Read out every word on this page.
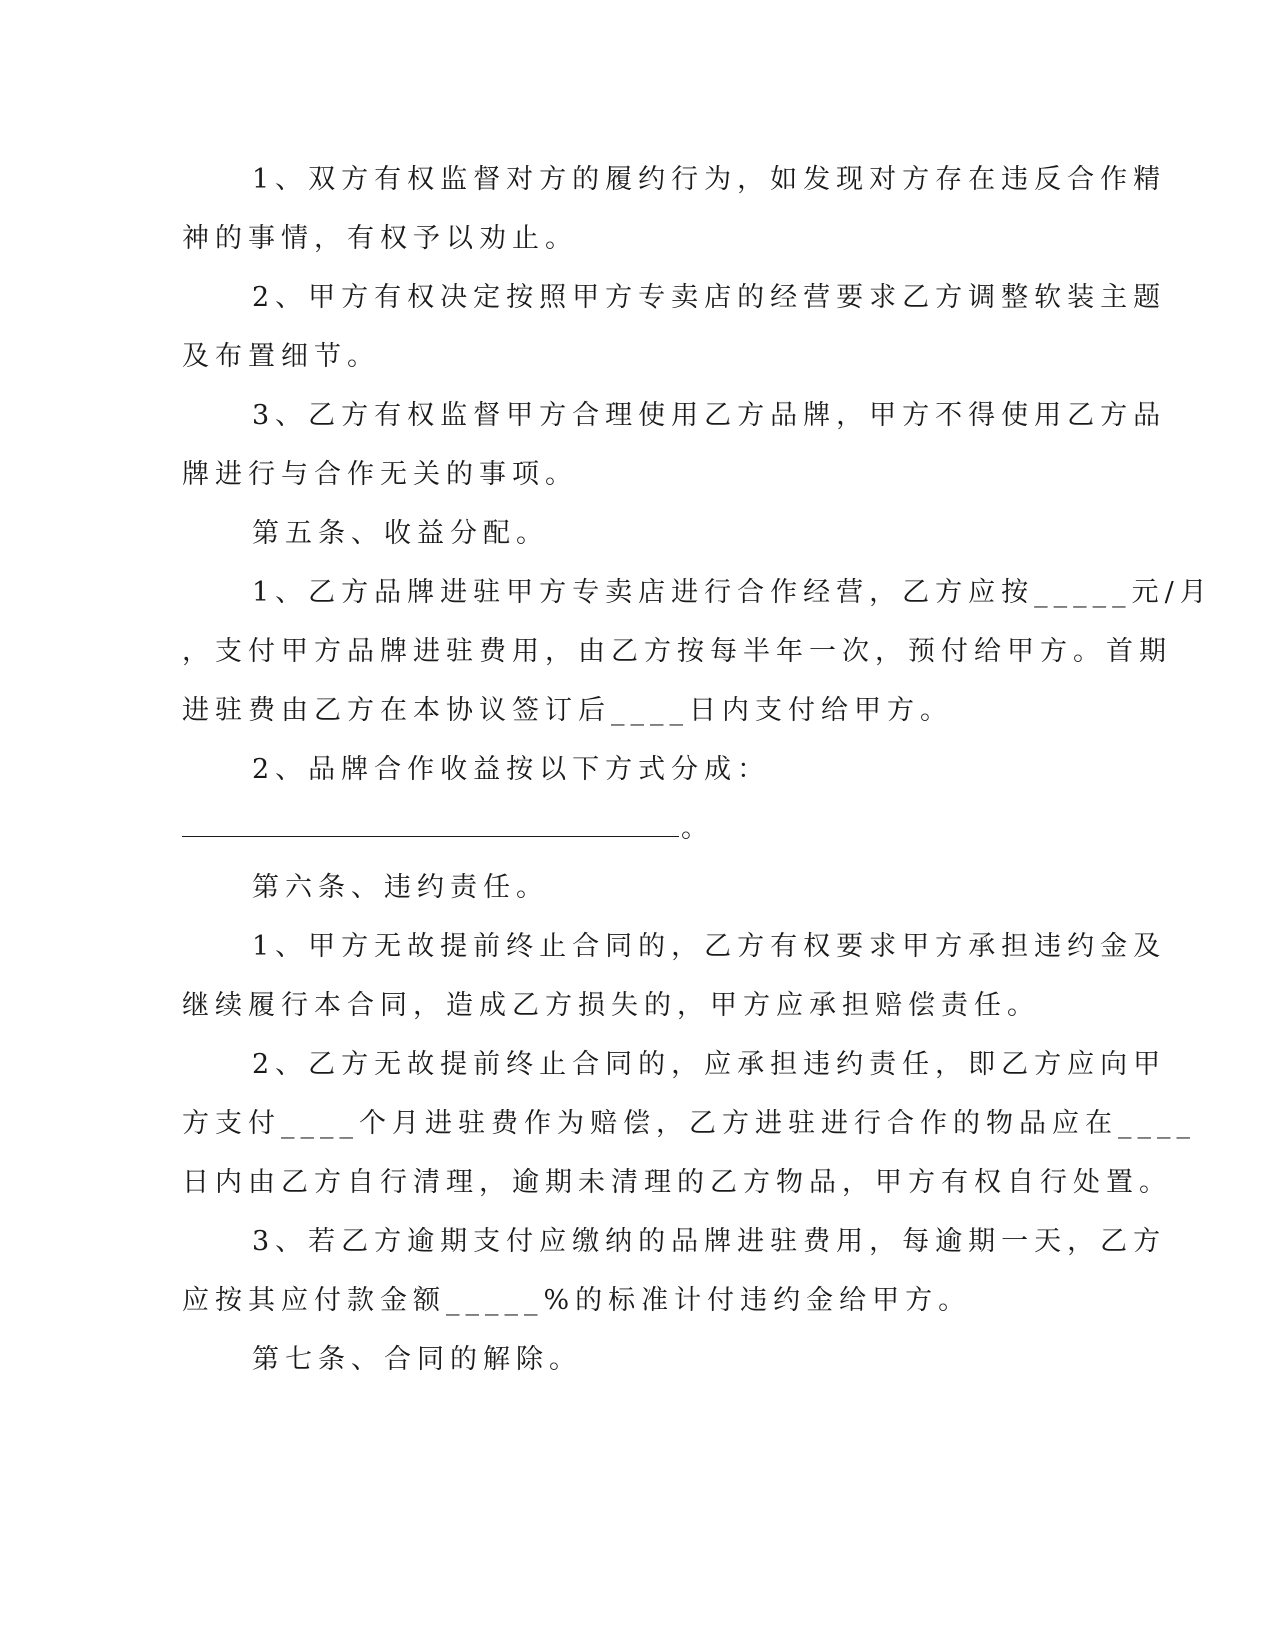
1、双方有权监督对方的履约行为，如发现对方存在违反合作精
神的事情，有权予以劝止。
2、甲方有权决定按照甲方专卖店的经营要求乙方调整软装主题
及布置细节。
3、乙方有权监督甲方合理使用乙方品牌，甲方不得使用乙方品
牌进行与合作无关的事项。
第五条、收益分配。
1、乙方品牌进驻甲方专卖店进行合作经营，乙方应按_____元/月
，支付甲方品牌进驻费用，由乙方按每半年一次，预付给甲方。首期
进驻费由乙方在本协议签订后____日内支付给甲方。
2、品牌合作收益按以下方式分成：
。
第六条、违约责任。
1、甲方无故提前终止合同的，乙方有权要求甲方承担违约金及
继续履行本合同，造成乙方损失的，甲方应承担赔偿责任。
2、乙方无故提前终止合同的，应承担违约责任，即乙方应向甲
方支付____个月进驻费作为赔偿，乙方进驻进行合作的物品应在____
日内由乙方自行清理，逾期未清理的乙方物品，甲方有权自行处置。
3、若乙方逾期支付应缴纳的品牌进驻费用，每逾期一天，乙方
应按其应付款金额_____%的标准计付违约金给甲方。
第七条、合同的解除。
